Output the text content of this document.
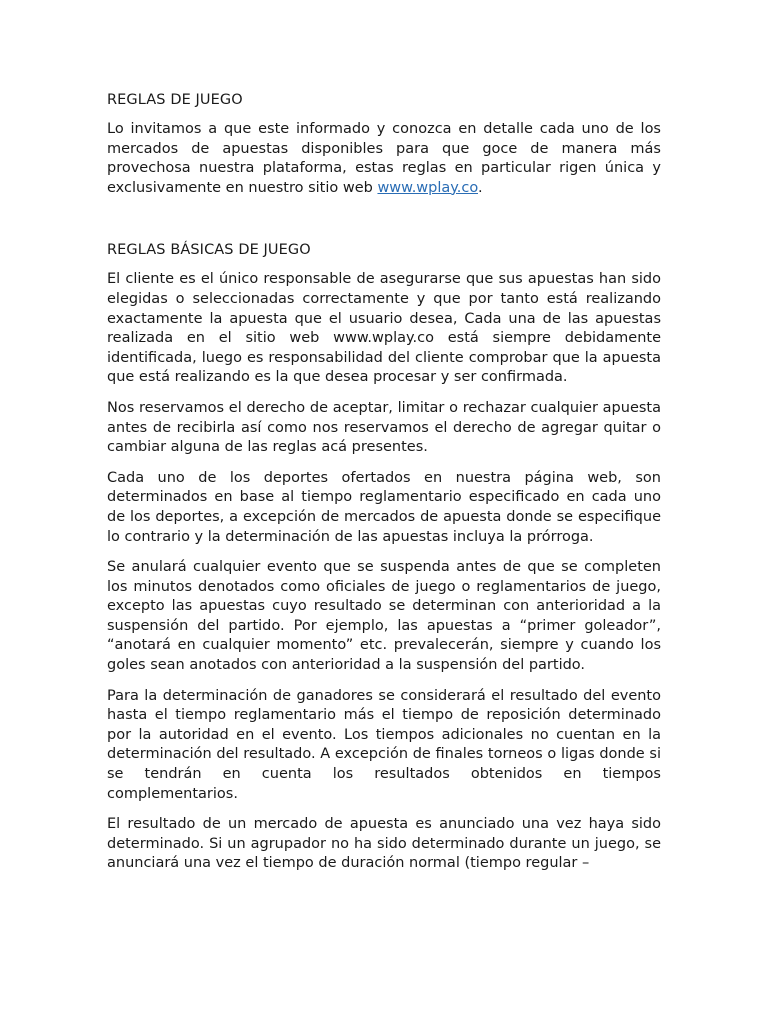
REGLAS DE JUEGO

Lo invitamos a que este informado y conozca en detalle cada uno de los mercados de apuestas disponibles para que goce de manera más provechosa nuestra plataforma, estas reglas en particular rigen única y exclusivamente en nuestro sitio web www.wplay.co.

REGLAS BÁSICAS DE JUEGO

El cliente es el único responsable de asegurarse que sus apuestas han sido elegidas o seleccionadas correctamente y que por tanto está realizando exactamente la apuesta que el usuario desea, Cada una de las apuestas realizada en el sitio web www.wplay.co está siempre debidamente identificada, luego es responsabilidad del cliente comprobar que la apuesta que está realizando es la que desea procesar y ser confirmada.

Nos reservamos el derecho de aceptar, limitar o rechazar cualquier apuesta antes de recibirla así como nos reservamos el derecho de agregar quitar o cambiar alguna de las reglas acá presentes.

Cada uno de los deportes ofertados en nuestra página web, son determinados en base al tiempo reglamentario especificado en cada uno de los deportes, a excepción de mercados de apuesta donde se especifique lo contrario y la determinación de las apuestas incluya la prórroga.

Se anulará cualquier evento que se suspenda antes de que se completen los minutos denotados como oficiales de juego o reglamentarios de juego, excepto las apuestas cuyo resultado se determinan con anterioridad a la suspensión del partido. Por ejemplo, las apuestas a “primer goleador”, “anotará en cualquier momento” etc. prevalecerán, siempre y cuando los goles sean anotados con anterioridad a la suspensión del partido.

Para la determinación de ganadores se considerará el resultado del evento hasta el tiempo reglamentario más el tiempo de reposición determinado por la autoridad en el evento. Los tiempos adicionales no cuentan en la determinación del resultado. A excepción de finales torneos o ligas donde si se tendrán en cuenta los resultados obtenidos en tiempos complementarios.

El resultado de un mercado de apuesta es anunciado una vez haya sido determinado. Si un agrupador no ha sido determinado durante un juego, se anunciará una vez el tiempo de duración normal (tiempo regular –
